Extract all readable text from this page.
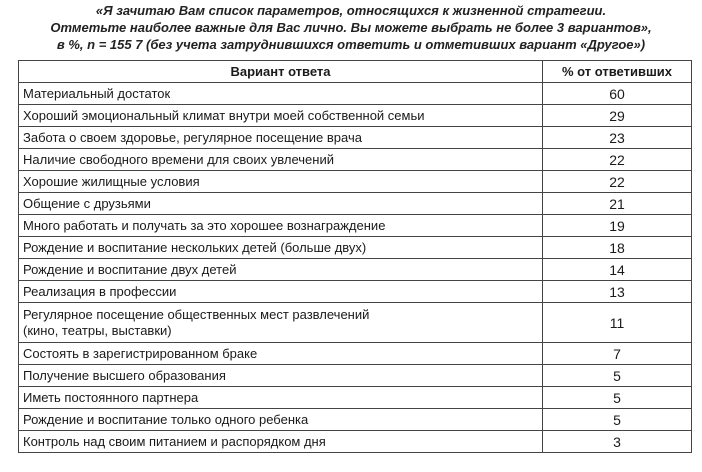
«Я зачитаю Вам список параметров, относящихся к жизненной стратегии.
Отметьте наиболее важные для Вас лично. Вы можете выбрать не более 3 вариантов»,
в %, n = 155 7 (без учета затруднившихся ответить и отметивших вариант «Другое»)
Вариант ответа	% от ответивших
Материальный достаток	60
Хороший эмоциональный климат внутри моей собственной семьи	29
Забота о своем здоровье, регулярное посещение врача	23
Наличие свободного времени для своих увлечений	22
Хорошие жилищные условия	22
Общение с друзьями	21
Много работать и получать за это хорошее вознаграждение	19
Рождение и воспитание нескольких детей (больше двух)	18
Рождение и воспитание двух детей	14
Реализация в профессии	13

Регулярное посещение общественных мест развлечений
(кино, театры, выставки)	11
Состоять в зарегистрированном браке	7
Получение высшего образования	5
Иметь постоянного партнера	5
Рождение и воспитание только одного ребенка	5
Контроль над своим питанием и распорядком дня	3
